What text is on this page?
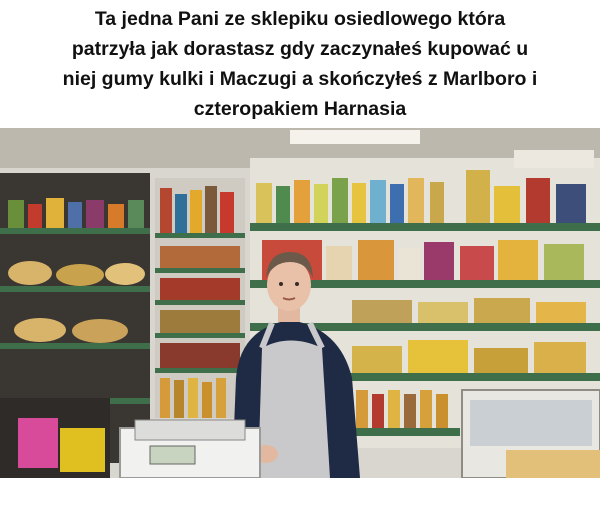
Ta jedna Pani ze sklepiku osiedlowego która
patrzyła jak dorastasz gdy zaczynałeś kupować u
niej gumy kulki i Maczugi a skończyłeś z Marlboro i
czteropakiem Harnasia
